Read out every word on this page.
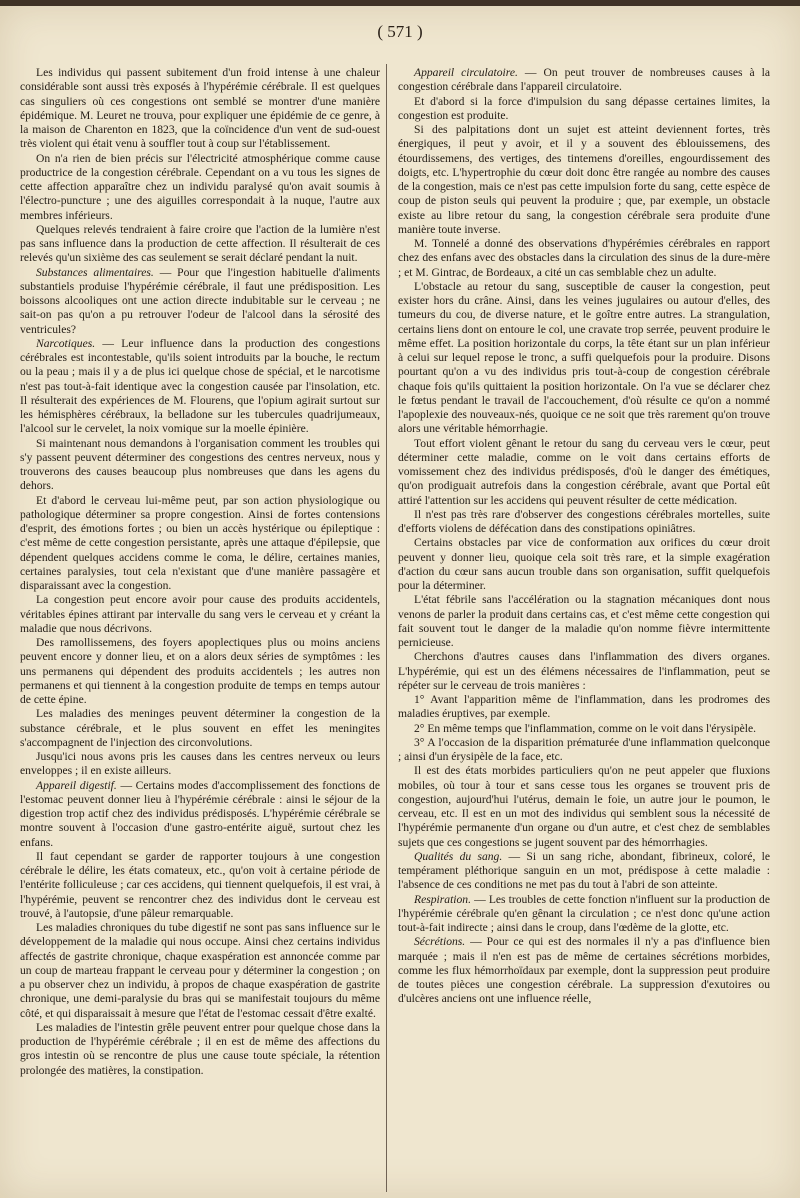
( 571 )

Les individus qui passent subitement d'un froid intense à une chaleur considérable sont aussi très exposés à l'hypérémie cérébrale. Il est quelques cas singuliers où ces congestions ont semblé se montrer d'une manière épidémique. M. Leuret ne trouva, pour expliquer une épidémie de ce genre, à la maison de Charenton en 1823, que la coïncidence d'un vent de sud-ouest très violent qui était venu à souffler tout à coup sur l'établissement.

On n'a rien de bien précis sur l'électricité atmosphérique comme cause productrice de la congestion cérébrale. Cependant on a vu tous les signes de cette affection apparaître chez un individu paralysé qu'on avait soumis à l'électro-puncture ; une des aiguilles correspondait à la nuque, l'autre aux membres inférieurs.

Quelques relevés tendraient à faire croire que l'action de la lumière n'est pas sans influence dans la production de cette affection. Il résulterait de ces relevés qu'un sixième des cas seulement se serait déclaré pendant la nuit.

Substances alimentaires. — Pour que l'ingestion habituelle d'aliments substantiels produise l'hypérémie cérébrale, il faut une prédisposition. Les boissons alcooliques ont une action directe indubitable sur le cerveau ; ne sait-on pas qu'on a pu retrouver l'odeur de l'alcool dans la sérosité des ventricules?

Narcotiques. — Leur influence dans la production des congestions cérébrales est incontestable, qu'ils soient introduits par la bouche, le rectum ou la peau ; mais il y a de plus ici quelque chose de spécial, et le narcotisme n'est pas tout-à-fait identique avec la congestion causée par l'insolation, etc. Il résulterait des expériences de M. Flourens, que l'opium agirait surtout sur les hémisphères cérébraux, la belladone sur les tubercules quadrijumeaux, l'alcool sur le cervelet, la noix vomique sur la moelle épinière.

Si maintenant nous demandons à l'organisation comment les troubles qui s'y passent peuvent déterminer des congestions des centres nerveux, nous y trouverons des causes beaucoup plus nombreuses que dans les agens du dehors.

Et d'abord le cerveau lui-même peut, par son action physiologique ou pathologique déterminer sa propre congestion. Ainsi de fortes contensions d'esprit, des émotions fortes ; ou bien un accès hystérique ou épileptique : c'est même de cette congestion persistante, après une attaque d'épilepsie, que dépendent quelques accidens comme le coma, le délire, certaines manies, certaines paralysies, tout cela n'existant que d'une manière passagère et disparaissant avec la congestion.

La congestion peut encore avoir pour cause des produits accidentels, véritables épines attirant par intervalle du sang vers le cerveau et y créant la maladie que nous décrivons.

Des ramollissemens, des foyers apoplectiques plus ou moins anciens peuvent encore y donner lieu, et on a alors deux séries de symptômes : les uns permanens qui dépendent des produits accidentels ; les autres non permanens et qui tiennent à la congestion produite de temps en temps autour de cette épine.

Les maladies des meninges peuvent déterminer la congestion de la substance cérébrale, et le plus souvent en effet les meningites s'accompagnent de l'injection des circonvolutions.

Jusqu'ici nous avons pris les causes dans les centres nerveux ou leurs enveloppes ; il en existe ailleurs.

Appareil digestif. — Certains modes d'accomplissement des fonctions de l'estomac peuvent donner lieu à l'hypérémie cérébrale : ainsi le séjour de la digestion trop actif chez des individus prédisposés. L'hypérémie cérébrale se montre souvent à l'occasion d'une gastro-entérite aiguë, surtout chez les enfans.

Il faut cependant se garder de rapporter toujours à une congestion cérébrale le délire, les états comateux, etc., qu'on voit à certaine période de l'entérite folliculeuse ; car ces accidens, qui tiennent quelquefois, il est vrai, à l'hypérémie, peuvent se rencontrer chez des individus dont le cerveau est trouvé, à l'autopsie, d'une pâleur remarquable.

Les maladies chroniques du tube digestif ne sont pas sans influence sur le développement de la maladie qui nous occupe. Ainsi chez certains individus affectés de gastrite chronique, chaque exaspération est annoncée comme par un coup de marteau frappant le cerveau pour y déterminer la congestion ; on a pu observer chez un individu, à propos de chaque exaspération de gastrite chronique, une demi-paralysie du bras qui se manifestait toujours du même côté, et qui disparaissait à mesure que l'état de l'estomac cessait d'être exalté.

Les maladies de l'intestin grêle peuvent entrer pour quelque chose dans la production de l'hypérémie cérébrale ; il en est de même des affections du gros intestin où se rencontre de plus une cause toute spéciale, la rétention prolongée des matières, la constipation.

Appareil circulatoire. — On peut trouver de nombreuses causes à la congestion cérébrale dans l'appareil circulatoire.

Et d'abord si la force d'impulsion du sang dépasse certaines limites, la congestion est produite.

Si des palpitations dont un sujet est atteint deviennent fortes, très énergiques, il peut y avoir, et il y a souvent des éblouissemens, des étourdissemens, des vertiges, des tintemens d'oreilles, engourdissement des doigts, etc. L'hypertrophie du cœur doit donc être rangée au nombre des causes de la congestion, mais ce n'est pas cette impulsion forte du sang, cette espèce de coup de piston seuls qui peuvent la produire ; que, par exemple, un obstacle existe au libre retour du sang, la congestion cérébrale sera produite d'une manière toute inverse.

M. Tonnelé a donné des observations d'hypérémies cérébrales en rapport chez des enfans avec des obstacles dans la circulation des sinus de la dure-mère ; et M. Gintrac, de Bordeaux, a cité un cas semblable chez un adulte.

L'obstacle au retour du sang, susceptible de causer la congestion, peut exister hors du crâne. Ainsi, dans les veines jugulaires ou autour d'elles, des tumeurs du cou, de diverse nature, et le goître entre autres. La strangulation, certains liens dont on entoure le col, une cravate trop serrée, peuvent produire le même effet. La position horizontale du corps, la tête étant sur un plan inférieur à celui sur lequel repose le tronc, a suffi quelquefois pour la produire. Disons pourtant qu'on a vu des individus pris tout-à-coup de congestion cérébrale chaque fois qu'ils quittaient la position horizontale. On l'a vue se déclarer chez le fœtus pendant le travail de l'accouchement, d'où résulte ce qu'on a nommé l'apoplexie des nouveaux-nés, quoique ce ne soit que très rarement qu'on trouve alors une véritable hémorrhagie.

Tout effort violent gênant le retour du sang du cerveau vers le cœur, peut déterminer cette maladie, comme on le voit dans certains efforts de vomissement chez des individus prédisposés, d'où le danger des émétiques, qu'on prodiguait autrefois dans la congestion cérébrale, avant que Portal eût attiré l'attention sur les accidens qui peuvent résulter de cette médication.

Il n'est pas très rare d'observer des congestions cérébrales mortelles, suite d'efforts violens de défécation dans des constipations opiniâtres.

Certains obstacles par vice de conformation aux orifices du cœur droit peuvent y donner lieu, quoique cela soit très rare, et la simple exagération d'action du cœur sans aucun trouble dans son organisation, suffit quelquefois pour la déterminer.

L'état fébrile sans l'accélération ou la stagnation mécaniques dont nous venons de parler la produit dans certains cas, et c'est même cette congestion qui fait souvent tout le danger de la maladie qu'on nomme fièvre intermittente pernicieuse.

Cherchons d'autres causes dans l'inflammation des divers organes. L'hypérémie, qui est un des élémens nécessaires de l'inflammation, peut se répéter sur le cerveau de trois manières :

1° Avant l'apparition même de l'inflammation, dans les prodromes des maladies éruptives, par exemple.

2° En même temps que l'inflammation, comme on le voit dans l'érysipèle.

3° A l'occasion de la disparition prématurée d'une inflammation quelconque ; ainsi d'un érysipèle de la face, etc.

Il est des états morbides particuliers qu'on ne peut appeler que fluxions mobiles, où tour à tour et sans cesse tous les organes se trouvent pris de congestion, aujourd'hui l'utérus, demain le foie, un autre jour le poumon, le cerveau, etc. Il est en un mot des individus qui semblent sous la nécessité de l'hypérémie permanente d'un organe ou d'un autre, et c'est chez de semblables sujets que ces congestions se jugent souvent par des hémorrhagies.

Qualités du sang. — Si un sang riche, abondant, fibrineux, coloré, le tempérament pléthorique sanguin en un mot, prédispose à cette maladie : l'absence de ces conditions ne met pas du tout à l'abri de son atteinte.

Respiration. — Les troubles de cette fonction n'influent sur la production de l'hypérémie cérébrale qu'en gênant la circulation ; ce n'est donc qu'une action tout-à-fait indirecte ; ainsi dans le croup, dans l'œdème de la glotte, etc.

Sécrétions. — Pour ce qui est des normales il n'y a pas d'influence bien marquée ; mais il n'en est pas de même de certaines sécrétions morbides, comme les flux hémorrhoïdaux par exemple, dont la suppression peut produire de toutes pièces une congestion cérébrale. La suppression d'exutoires ou d'ulcères anciens ont une influence réelle,
